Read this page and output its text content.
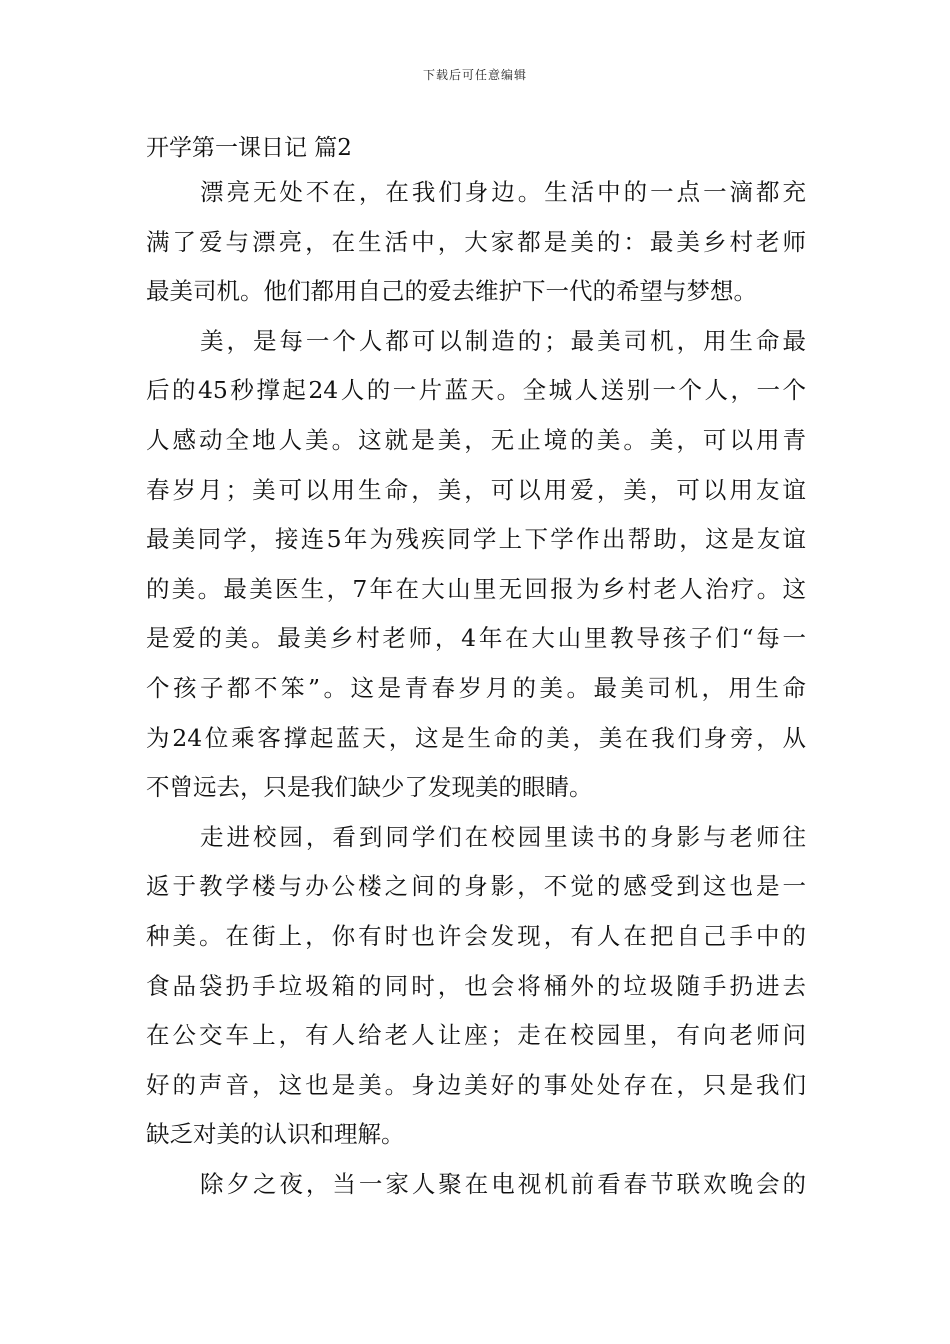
下载后可任意编辑
开学第一课日记 篇2
漂亮无处不在，在我们身边。生活中的一点一滴都充
满了爱与漂亮，在生活中，大家都是美的：最美乡村老师
最美司机。他们都用自己的爱去维护下一代的希望与梦想。
美，是每一个人都可以制造的；最美司机，用生命最
后的45秒撑起24人的一片蓝天。全城人送别一个人，一个
人感动全地人美。这就是美，无止境的美。美，可以用青
春岁月；美可以用生命，美，可以用爱，美，可以用友谊
最美同学，接连5年为残疾同学上下学作出帮助，这是友谊
的美。最美医生，7年在大山里无回报为乡村老人治疗。这
是爱的美。最美乡村老师，4年在大山里教导孩子们“每一
个孩子都不笨”。这是青春岁月的美。最美司机，用生命
为24位乘客撑起蓝天，这是生命的美，美在我们身旁，从
不曾远去，只是我们缺少了发现美的眼睛。
走进校园，看到同学们在校园里读书的身影与老师往
返于教学楼与办公楼之间的身影，不觉的感受到这也是一
种美。在街上，你有时也许会发现，有人在把自己手中的
食品袋扔手垃圾箱的同时，也会将桶外的垃圾随手扔进去
在公交车上，有人给老人让座；走在校园里，有向老师问
好的声音，这也是美。身边美好的事处处存在，只是我们
缺乏对美的认识和理解。
除夕之夜，当一家人聚在电视机前看春节联欢晚会的
